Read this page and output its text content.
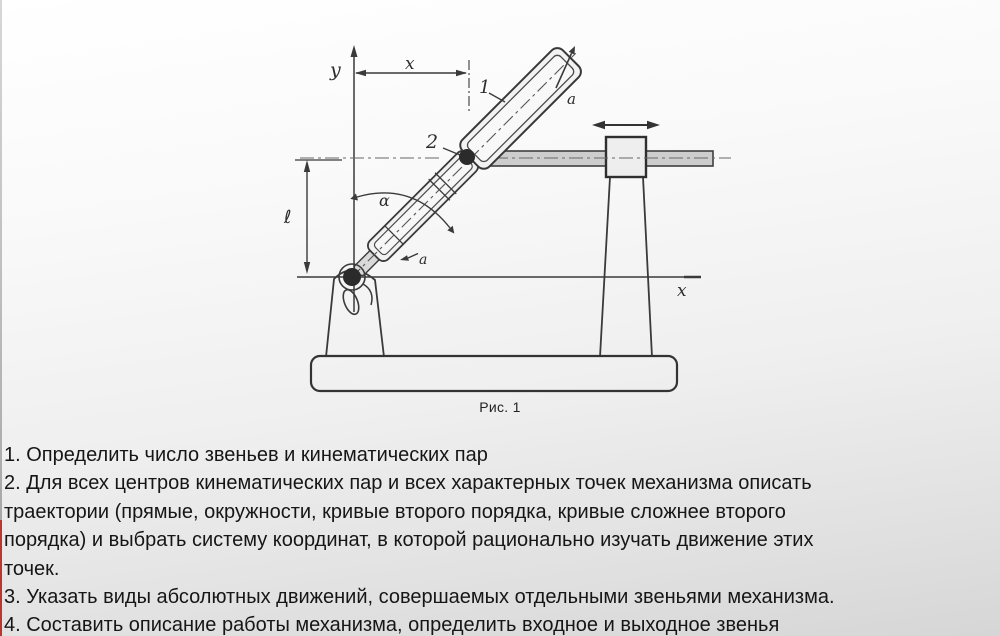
y	x
ℓ
x
1
2
a
a
α
Рис. 1
1. Определить число звеньев и кинематических пар
2. Для всех центров кинематических пар и всех характерных точек механизма описать
траектории (прямые, окружности, кривые второго порядка, кривые сложнее второго
порядка) и выбрать систему координат, в которой рационально изучать движение этих
точек.
3. Указать виды абсолютных движений, совершаемых отдельными звеньями механизма.
4. Составить описание работы механизма, определить входное и выходное звенья
